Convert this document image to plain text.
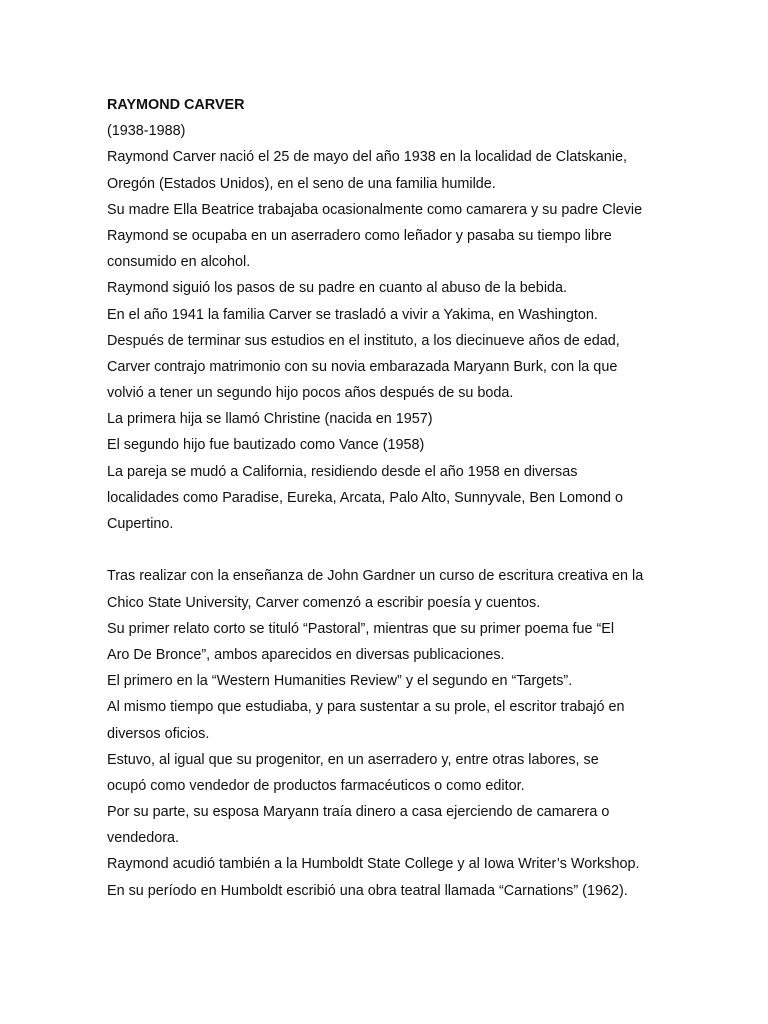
RAYMOND CARVER
(1938-1988)
Raymond Carver nació el 25 de mayo del año 1938 en la localidad de Clatskanie,
Oregón (Estados Unidos), en el seno de una familia humilde.
Su madre Ella Beatrice trabajaba ocasionalmente como camarera y su padre Clevie
Raymond se ocupaba en un aserradero como leñador y pasaba su tiempo libre
consumido en alcohol.
Raymond siguió los pasos de su padre en cuanto al abuso de la bebida.
En el año 1941 la familia Carver se trasladó a vivir a Yakima, en Washington.
Después de terminar sus estudios en el instituto, a los diecinueve años de edad,
Carver contrajo matrimonio con su novia embarazada Maryann Burk, con la que
volvió a tener un segundo hijo pocos años después de su boda.
La primera hija se llamó Christine (nacida en 1957)
El segundo hijo fue bautizado como Vance (1958)
La pareja se mudó a California, residiendo desde el año 1958 en diversas
localidades como Paradise, Eureka, Arcata, Palo Alto, Sunnyvale, Ben Lomond o
Cupertino.
Tras realizar con la enseñanza de John Gardner un curso de escritura creativa en la
Chico State University, Carver comenzó a escribir poesía y cuentos.
Su primer relato corto se tituló “Pastoral”, mientras que su primer poema fue “El
Aro De Bronce”, ambos aparecidos en diversas publicaciones.
El primero en la “Western Humanities Review” y el segundo en “Targets”.
Al mismo tiempo que estudiaba, y para sustentar a su prole, el escritor trabajó en
diversos oficios.
Estuvo, al igual que su progenitor, en un aserradero y, entre otras labores, se
ocupó como vendedor de productos farmacéuticos o como editor.
Por su parte, su esposa Maryann traía dinero a casa ejerciendo de camarera o
vendedora.
Raymond acudió también a la Humboldt State College y al Iowa Writer’s Workshop.
En su período en Humboldt escribió una obra teatral llamada “Carnations” (1962).
